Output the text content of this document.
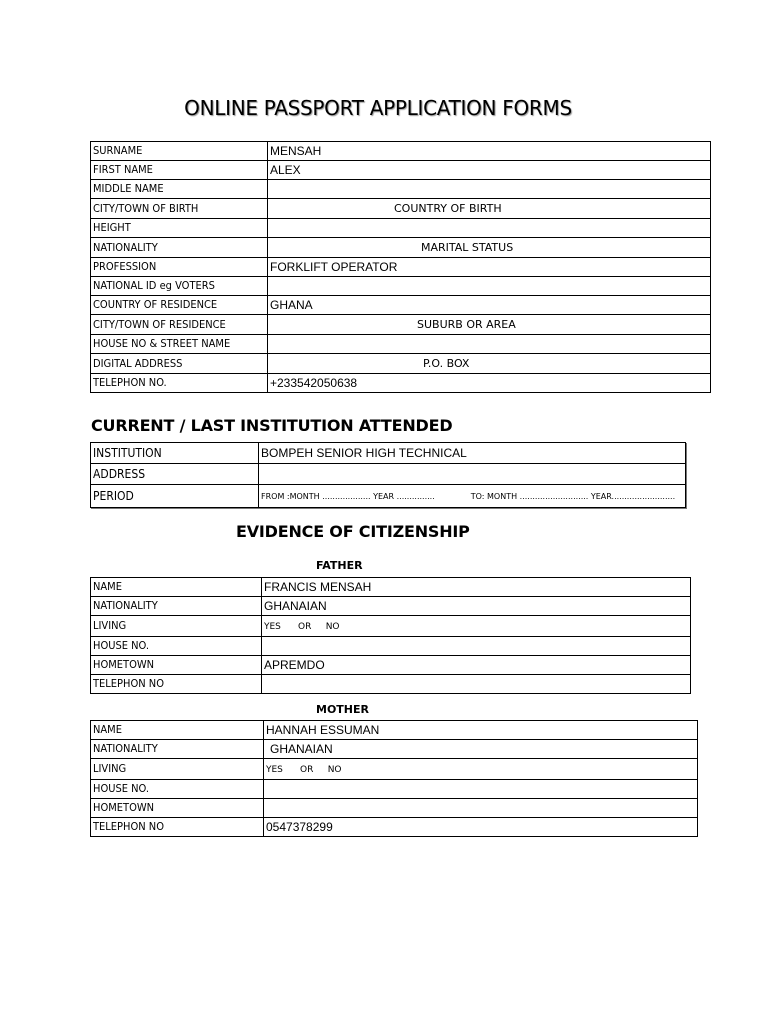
ONLINE PASSPORT APPLICATION FORMS
SURNAME	MENSAH
FIRST NAME	ALEX
MIDDLE NAME	
CITY/TOWN OF BIRTH	COUNTRY OF BIRTH
HEIGHT	
NATIONALITY	MARITAL STATUS
PROFESSION	FORKLIFT OPERATOR
NATIONAL ID eg VOTERS	
COUNTRY OF RESIDENCE	GHANA
CITY/TOWN OF RESIDENCE	SUBURB OR AREA
HOUSE NO & STREET NAME	
DIGITAL ADDRESS	P.O. BOX
TELEPHON NO.	+233542050638
CURRENT / LAST INSTITUTION ATTENDED
INSTITUTION	BOMPEH SENIOR HIGH TECHNICAL
ADDRESS	
PERIOD	FROM :MONTH ................... YEAR ............... TO: MONTH ........................... YEAR.........................
EVIDENCE OF CITIZENSHIP
FATHER
NAME	FRANCIS MENSAH
NATIONALITY	GHANAIAN
LIVING	YES      OR     NO
HOUSE NO.	
HOMETOWN	APREMDO
TELEPHON NO	
MOTHER
NAME	HANNAH ESSUMAN
NATIONALITY	GHANAIAN
LIVING	YES      OR     NO
HOUSE NO.	
HOMETOWN	
TELEPHON NO	0547378299
